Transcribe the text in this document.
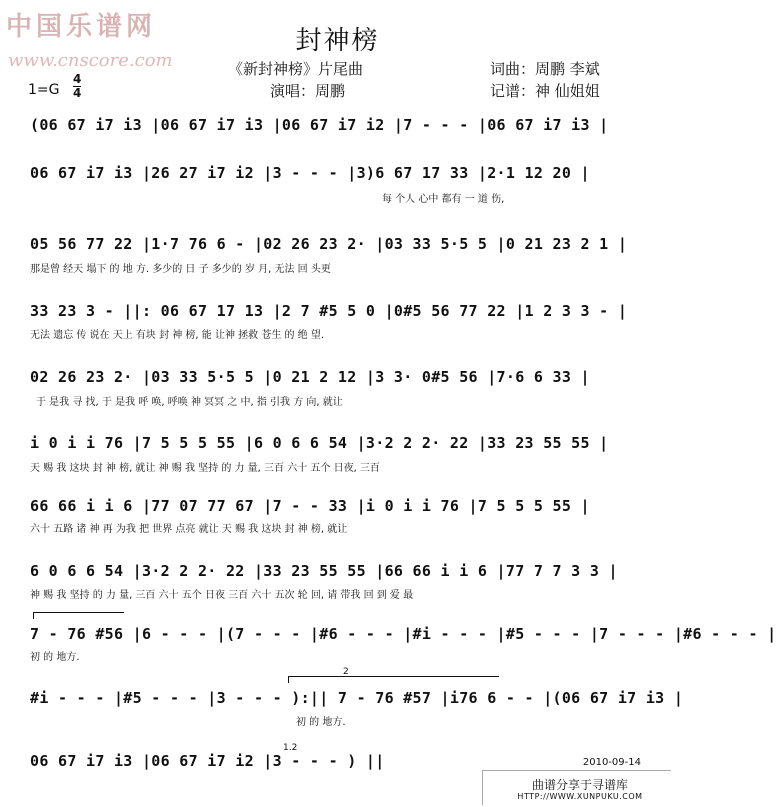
中国乐谱网
www.cnscore.com
封神榜
《新封神榜》片尾曲	词曲：周鹏 李斌
演唱：周鹏	记谱：神 仙姐姐
1=G
4
4
(06 67 i7 i3 |06 67 i7 i3 |06 67 i7 i2 |7 - - - |06 67 i7 i3 |
06 67 i7 i3 |26 27 i7 i2 |3 - - - |3)6 67 17 33 |2·1 12 20 |
每 个人 心中 都有 一 道 伤,
05 56 77 22 |1·7 76 6 - |02 26 23 2· |03 33 5·5 5 |0 21 23 2 1 |
那是曾 经天 塌下 的 地 方. 多少的 日 子 多少的 岁 月, 无法 回 头更
33 23 3 - ||: 06 67 17 13 |2 7 #5 5 0 |0#5 56 77 22 |1 2 3 3 - |
无法 遗忘 传 说在 天上 有块 封 神 榜, 能 让神 拯救 苍生 的 绝 望.
02 26 23 2· |03 33 5·5 5 |0 21 2 12 |3 3· 0#5 56 |7·6 6 33 |
于 是我 寻 找, 于 是我 呼 唤, 呼唤 神 冥冥 之 中, 指 引我 方 向, 就让
i 0 i i 76 |7 5 5 5 55 |6 0 6 6 54 |3·2 2 2· 22 |33 23 55 55 |
天 赐 我 这块 封 神 榜, 就让 神 赐 我 坚持 的 力 量, 三百 六十 五个 日夜, 三百
66 66 i i 6 |77 07 77 67 |7 - - 33 |i 0 i i 76 |7 5 5 5 55 |
六十 五路 诸 神 再 为我 把 世界 点亮 就让 天 赐 我 这块 封 神 榜, 就让
6 0 6 6 54 |3·2 2 2· 22 |33 23 55 55 |66 66 i i 6 |77 7 7 3 3 |
神 赐 我 坚持 的 力 量, 三百 六十 五个 日夜 三百 六十 五次 轮 回, 请 带我 回 到 爱 最
7 - 76 #56 |6 - - - |(7 - - - |#6 - - - |#i - - - |#5 - - - |7 - - - |#6 - - - |
初 的 地方.
2
#i - - - |#5 - - - |3 - - - ):|| 7 - 76 #57 |i76 6 - - |(06 67 i7 i3 |
初 的 地方.
06 67 i7 i3 |06 67 i7 i2 |3 - - - ) ||
1.2
2010-09-14
曲谱分享于寻谱库
HTTP://WWW.XUNPUKU.COM
